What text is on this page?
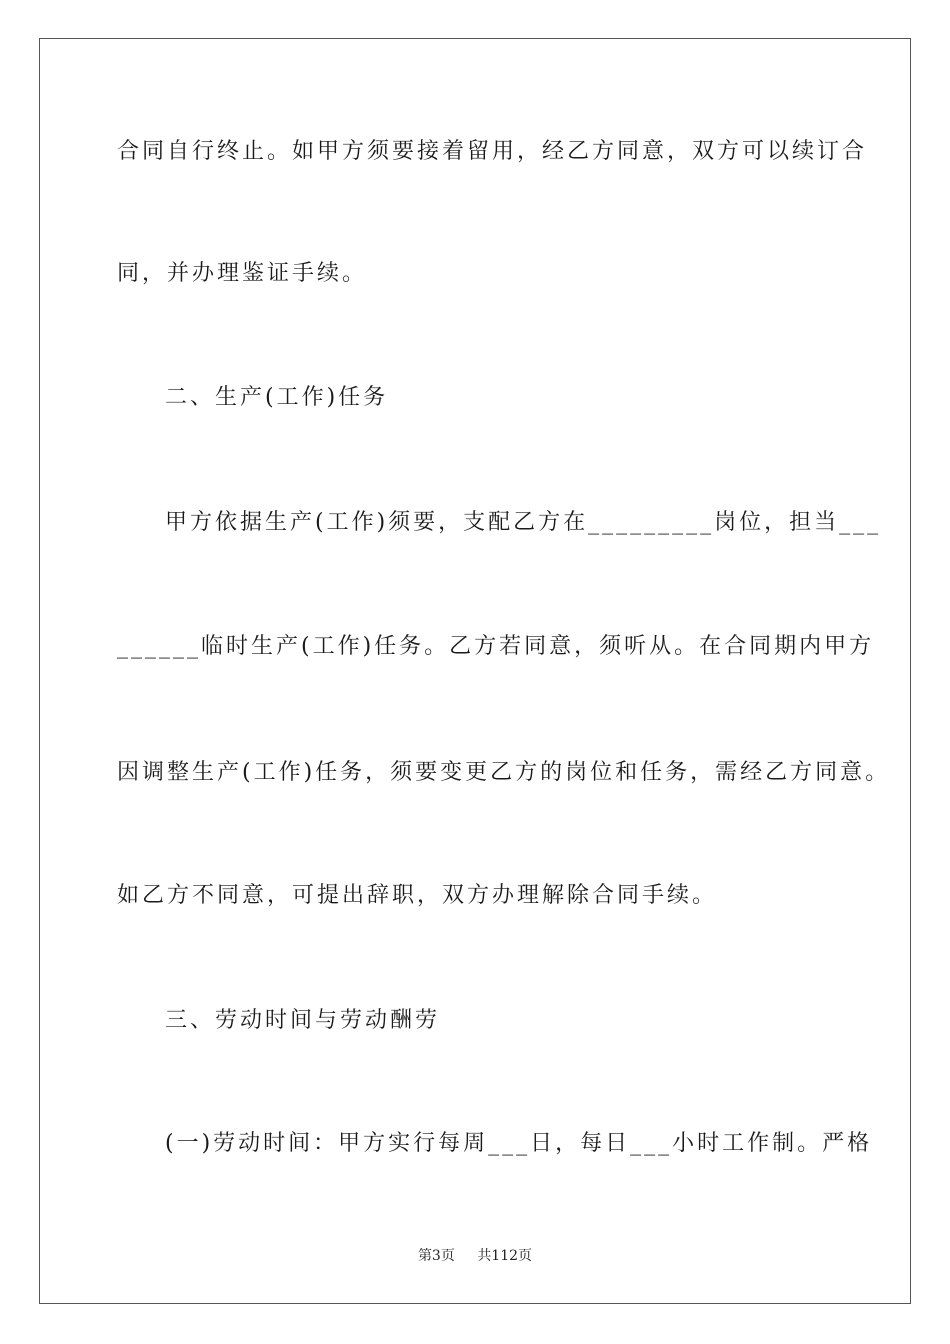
合同自行终止。如甲方须要接着留用，经乙方同意，双方可以续订合
同，并办理鉴证手续。
二、生产(工作)任务
甲方依据生产(工作)须要，支配乙方在_________岗位，担当___
______临时生产(工作)任务。乙方若同意，须听从。在合同期内甲方
因调整生产(工作)任务，须要变更乙方的岗位和任务，需经乙方同意。
如乙方不同意，可提出辞职，双方办理解除合同手续。
三、劳动时间与劳动酬劳
(一)劳动时间：甲方实行每周___日，每日___小时工作制。严格
第3页 共112页
